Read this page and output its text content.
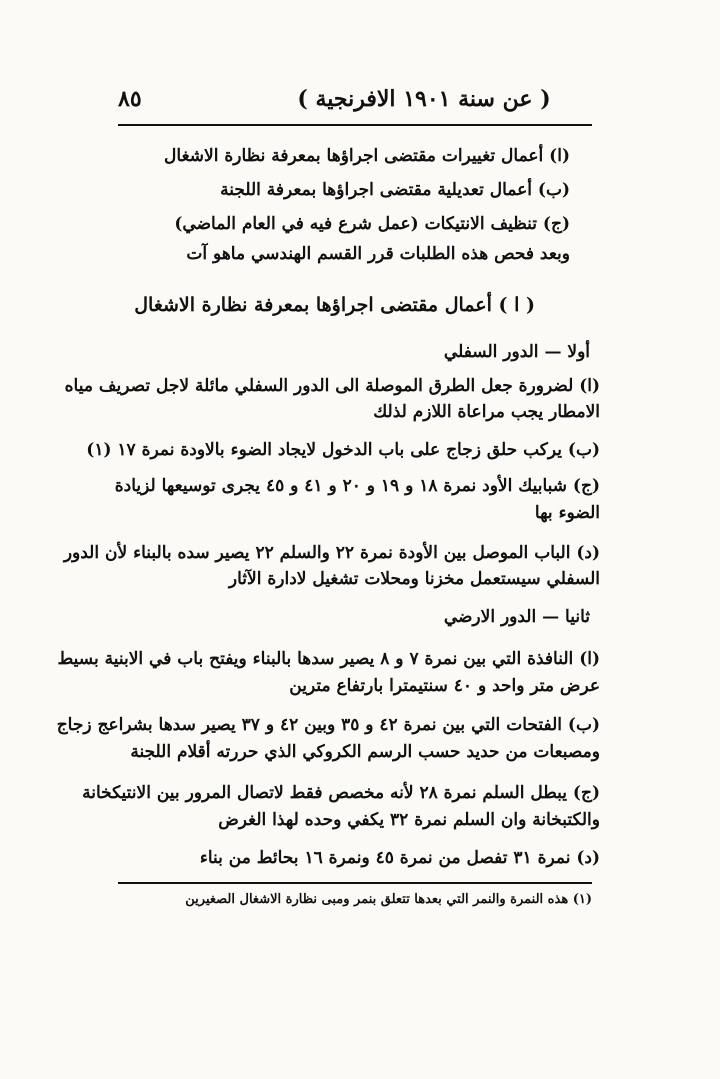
٨٥	( عن سنة ١٩٠١ الافرنجية )
(ا) أعمال تغييرات مقتضى اجراؤها بمعرفة نظارة الاشغال
(ب) أعمال تعديلية مقتضى اجراؤها بمعرفة اللجنة
(ج) تنظيف الانتيكات (عمل شرع فيه في العام الماضي)
وبعد فحص هذه الطلبات قرر القسم الهندسي ماهو آت
( ا ) أعمال مقتضى اجراؤها بمعرفة نظارة الاشغال
أولا — الدور السفلي
(ا) لضرورة جعل الطرق الموصلة الى الدور السفلي مائلة لاجل تصريف مياه
الامطار يجب مراعاة اللازم لذلك
(ب) يركب حلق زجاج على باب الدخول لايجاد الضوء بالاودة نمرة ١٧ (١)
(ج) شبابيك الأود نمرة ١٨ و ١٩ و ٢٠ و ٤١ و ٤٥ يجرى توسيعها لزيادة
الضوء بها
(د) الباب الموصل بين الأودة نمرة ٢٢ والسلم ٢٢ يصير سده بالبناء لأن الدور
السفلي سيستعمل مخزنا ومحلات تشغيل لادارة الآثار
ثانيا — الدور الارضي
(ا) النافذة التي بين نمرة ٧ و ٨ يصير سدها بالبناء ويفتح باب في الابنية بسيط
عرض متر واحد و ٤٠ سنتيمترا بارتفاع مترين
(ب) الفتحات التي بين نمرة ٤٢ و ٣٥ وبين ٤٢ و ٣٧ يصير سدها بشراعج زجاج
ومصبعات من حديد حسب الرسم الكروكي الذي حررته أقلام اللجنة
(ج) يبطل السلم نمرة ٢٨ لأنه مخصص فقط لاتصال المرور بين الانتيكخانة
والكتبخانة وان السلم نمرة ٣٢ يكفي وحده لهذا الغرض
(د) نمرة ٣١ تفصل من نمرة ٤٥ ونمرة ١٦ بحائط من بناء
(١) هذه النمرة والنمر التي بعدها تتعلق بنمر ومبى نظارة الاشغال الصغيرين
